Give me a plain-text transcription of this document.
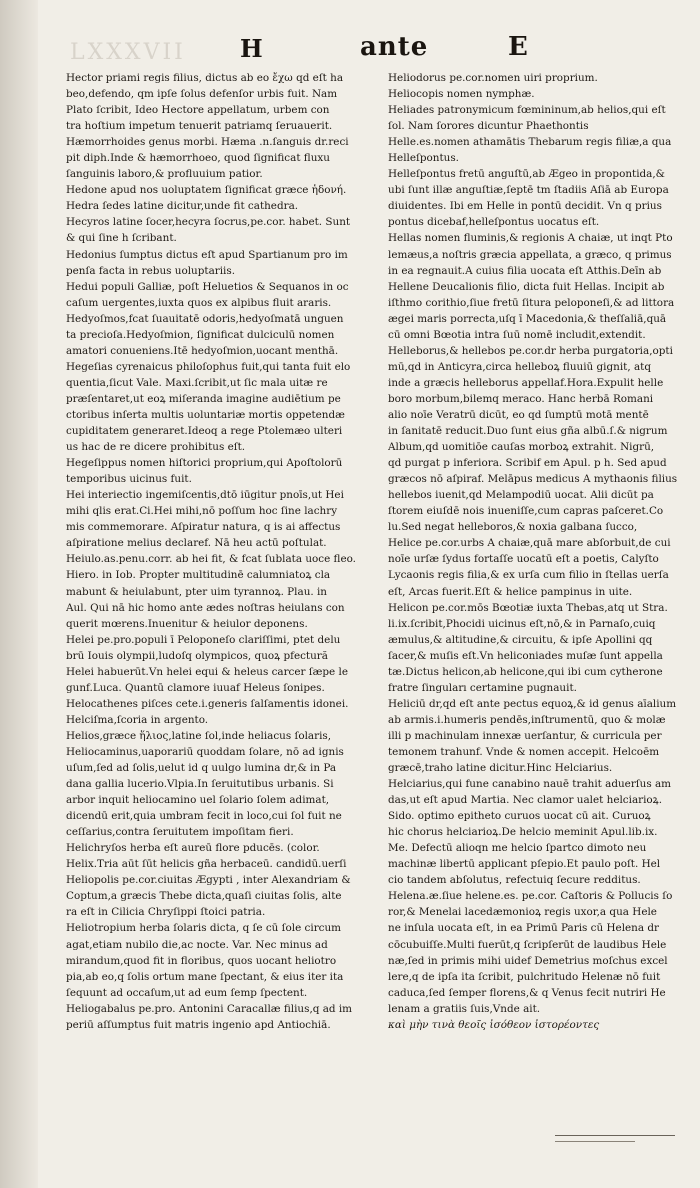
LXXXVII H	ante	E
Hector priami regis filius, dictus ab eo ἔχω qd eſt ha
beo,defendo, qm ipſe ſolus defenſor urbis fuit. Nam
Plato ſcribit, Ideo Hectore appellatum, urbem con
tra hoſtium impetum tenuerit patriamq ſeruauerit.
Hæmorrhoides genus morbi. Hæma .n.ſanguis dr.reci
pit diph.Inde & hæmorrhoeo, quod ſignificat fluxu
ſanguinis laboro,& profluuium patior.
Hedone apud nos uoluptatem ſignificat græce ἡδονή.
Hedra ſedes latine dicitur,unde fit cathedra.
Hecyros latine ſocer,hecyra ſocrus,pe.cor. habet. Sunt
& qui ſine h ſcribant.
Hedonius ſumptus dictus eſt apud Spartianum pro im
penſa facta in rebus uoluptariis.
Hedui populi Galliæ, poſt Heluetios & Sequanos in oc
caſum uergentes,iuxta quos ex alpibus fluit araris.
Hedyoſmos,fcat ſuauitatē odoris,hedyoſmatā unguen
ta precioſa.Hedyoſmion, ſignificat dulciculū nomen
amatori conueniens.Itē hedyoſmion,uocant menthā.
Hegeſias cyrenaicus philoſophus fuit,qui tanta fuit elo
quentia,ſicut Vale. Maxi.ſcribit,ut ſic mala uitæ re
præſentaret,ut eoꝝ miſeranda imagine audiētium pe
ctoribus inſerta multis uoluntariæ mortis oppetendæ
cupiditatem generaret.Ideoq a rege Ptolemæo ulteri
us hac de re dicere prohibitus eſt.
Hegeſippus nomen hiſtorici proprium,qui Apoſtolorū
temporibus uicinus fuit.
Hei interiectio ingemiſcentis,dtō iūgitur pnoīs,ut Hei
mihi qlis erat.Ci.Hei mihi,nō poſſum hoc ſine lachry
mis commemorare. Aſpiratur natura, q is ai affectus
aſpiratione melius declaref. Nā heu actū poſtulat.
Heiulo.as.penu.corr. ab hei fit, & fcat ſublata uoce fleo.
Hiero. in Iob. Propter multitudinē calumniatoꝝ cla
mabunt & heiulabunt, pter uim tyrannoꝝ. Plau. in
Aul. Qui nā hic homo ante ædes noſtras heiulans con
querit mœrens.Inuenitur & heiulor deponens.
Helei pe.pro.populi ī Peloponeſo clariſſimi, ptet delu
brū Iouis olympii,ludoſq olympicos, quoꝝ pfectură
Helei habuerūt.Vn helei equi & heleus carcer ſæpe le
gunf.Luca. Quantū clamore iuuaf Heleus ſonipes.
Helocathenes piſces cete.i.generis ſalſamentis idonei.
Helciſma,ſcoria in argento.
Helios,græce ἥλιος,latine ſol,inde heliacus ſolaris,
Heliocaminus,uaporariū quoddam ſolare, nō ad ignis
uſum,ſed ad ſolis,uelut id q uulgo lumina dr,& in Pa
dana gallia lucerio.Vlpia.In ſeruitutibus urbanis. Si
arbor inquit heliocamino uel ſolario ſolem adimat,
dicendū erit,quia umbram fecit in loco,cui ſol fuit ne
ceſſarius,contra ſeruitutem impoſitam fieri.
Helichryſos herba eſt aureū flore pducēs. (color.
Helix.Tria aūt ſūt helicis gña herbaceū. candidū.uerſi
Heliopolis pe.cor.ciuitas Ægypti , inter Alexandriam &
Coptum,a græcis Thebe dicta,quaſi ciuitas ſolis, alte
ra eſt in Cilicia Chryſippi ſtoici patria.
Heliotropium herba ſolaris dicta, q ſe cū ſole circum
agat,etiam nubilo die,ac nocte. Var. Nec minus ad
mirandum,quod fit in floribus, quos uocant heliotro
pia,ab eo,q ſolis ortum mane ſpectant, & eius iter ita
ſequunt ad occaſum,ut ad eum ſemp ſpectent.
Heliogabalus pe.pro. Antonini Caracallæ filius,q ad im
periū aſſumptus fuit matris ingenio apd Antiochiā.
Heliodorus pe.cor.nomen uiri proprium.
Heliocopis nomen nymphæ.
Heliades patronymicum fœmininum,ab helios,qui eſt
ſol. Nam ſorores dicuntur Phaethontis
Helle.es.nomen athamātis Thebarum regis filiæ,a qua
Helleſpontus.
Helleſpontus fretū anguſtū,ab Ægeo in propontida,&
ubi ſunt illæ anguſtiæ,ſeptē tm ſtadiis Aſiā ab Europa
diuidentes. Ibi em Helle in pontū decidit. Vn q prius
pontus dicebaf,helleſpontus uocatus eſt.
Hellas nomen fluminis,& regionis A chaiæ, ut inqt Pto
lemæus,a noſtris græcia appellata, a græco, q primus
in ea regnauit.A cuius filia uocata eſt Atthis.Deīn ab
Hellene Deucalionis filio, dicta fuit Hellas. Incipit ab
iſthmo corithio,ſiue fretū ſitura peloponeſi,& ad littora
ægei maris porrecta,uſq ī Macedonia,& theſſaliā,quā
cū omni Bœotia intra ſuū nomē includit,extendit.
Helleborus,& hellebos pe.cor.dr herba purgatoria,opti
mū,qd in Anticyra,circa helleboꝝ fluuiū gignit, atq
inde a græcis helleborus appellaf.Hora.Expulit helle
boro morbum,bilemq meraco. Hanc herbā Romani
alio noīe Veratrū dicūt, eo qd ſumptū motā mentē
in ſanitatē reducit.Duo ſunt eius gña albū.ſ.& nigrum
Album,qd uomitiōe cauſas morboꝝ extrahit. Nigrū,
qd purgat p inferiora. Scribif em Apul. p h. Sed apud
græcos nō aſpiraf. Melāpus medicus A mythaonis filius
hellebos iuenit,qd Melampodiū uocat. Alii dicūt pa
ſtorem eiuſdē nois inueniſſe,cum capras paſceret.Co
lu.Sed negat helleboros,& noxia galbana ſucco,
Helice pe.cor.urbs A chaiæ,quā mare abſorbuit,de cui
noīe urſæ ſydus fortaſſe uocatū eſt a poetis, Calyſto
Lycaonis regis filia,& ex urſa cum filio in ſtellas uerſa
eſt, Arcas fuerit.Eſt & helice pampinus in uite.
Helicon pe.cor.mōs Bœotiæ iuxta Thebas,atq ut Stra.
li.ix.ſcribit,Phocidi uicinus eſt,nō,& in Parnaſo,cuiq
æmulus,& altitudine,& circuitu, & ipſe Apollini qq
ſacer,& muſis eſt.Vn heliconiades muſæ ſunt appella
tæ.Dictus helicon,ab helicone,qui ibi cum cytherone
fratre ſinguları certamine pugnauit.
Heliciū dr,qd eſt ante pectus equoꝝ,& id genus aīalium
ab armis.i.humeris pendēs,inſtrumentū, quo & molæ
illi p machinulam innexæ uerſantur, & curricula per
temonem trahunf. Vnde & nomen accepit. Helcoēm
græcē,traho latine dicitur.Hinc Helciarius.
Helciarius,qui fune canabino nauē trahit aduerſus am
das,ut eſt apud Martia. Nec clamor ualet helciarioꝝ.
Sido. optimo epitheto curuos uocat cū ait. Curuoꝝ
hic chorus helciarioꝝ.De helcio meminit Apul.lib.ix.
Me. Defectū alioqn me helcio ſpartco dimoto neu
machinæ libertū applicant pſepio.Et paulo poſt. Hel
cio tandem abſolutus, refectuiq ſecure redditus.
Helena.æ.ſiue helene.es. pe.cor. Caſtoris & Pollucis ſo
ror,& Menelai lacedæmonioꝝ regis uxor,a qua Hele
ne inſula uocata eſt, in ea Primū Paris cū Helena dr
cōcubuiſſe.Multi fuerūt,q ſcripſerūt de laudibus Hele
næ,ſed in primis mihi uidef Demetrius moſchus excel
lere,q de ipſa ita ſcribit, pulchritudo Helenæ nō fuit
caduca,ſed ſemper florens,& q Venus fecit nutriri He
lenam a gratiis ſuis,Vnde ait.
καὶ μὴν τινὰ θεοῖς ἰσόθεον ἰστορέοντες
